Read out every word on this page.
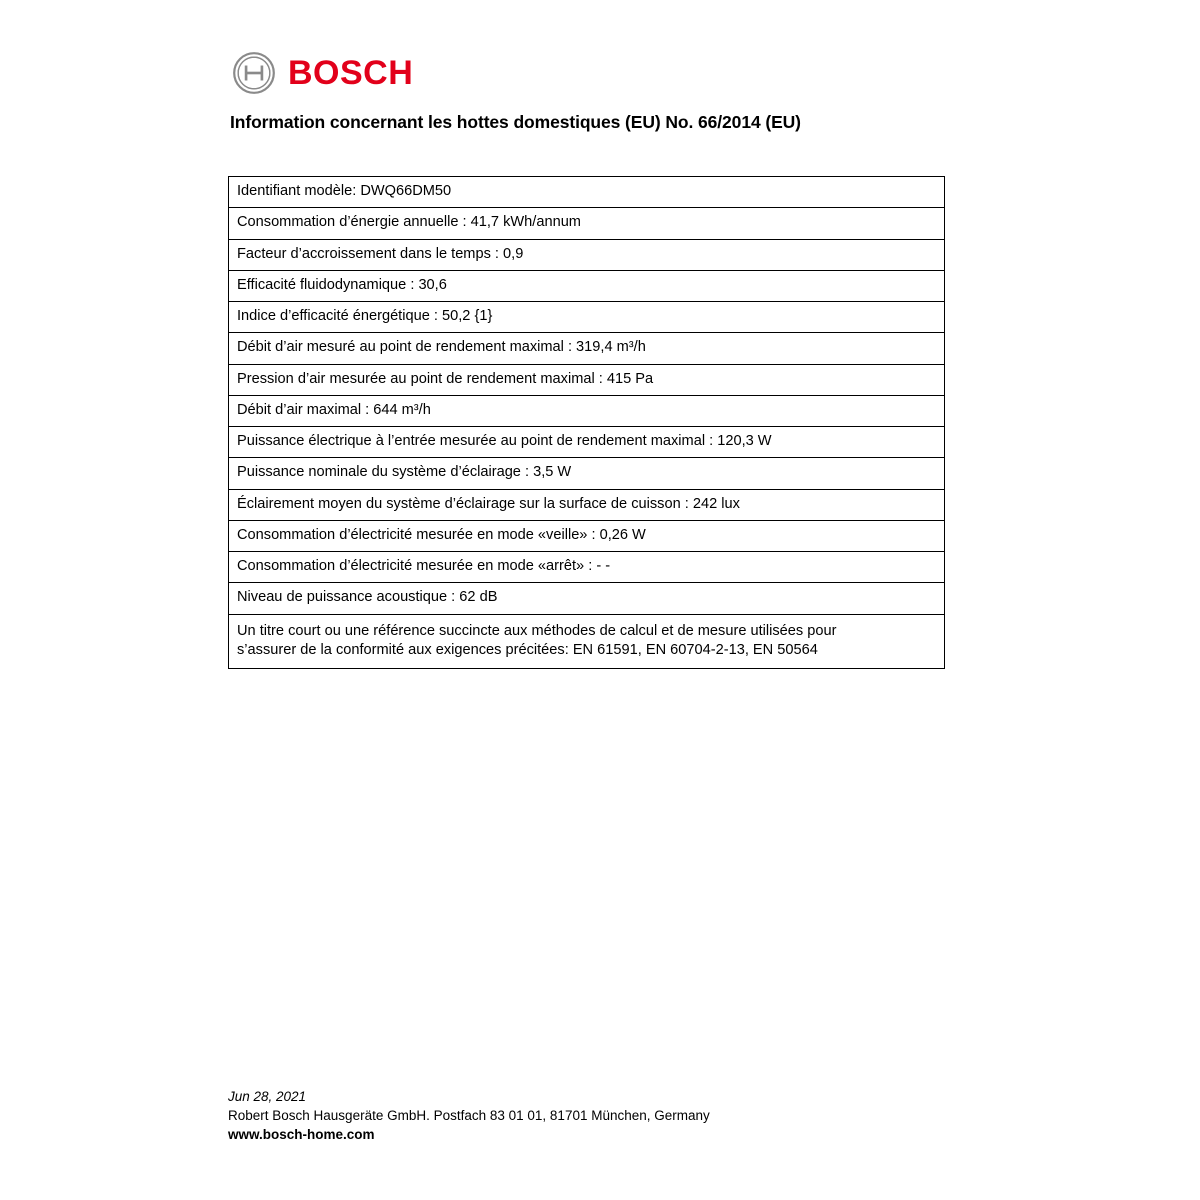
BOSCH
Information concernant les hottes domestiques (EU) No. 66/2014 (EU)
Identifiant modèle: DWQ66DM50
Consommation d’énergie annuelle : 41,7 kWh/annum
Facteur d’accroissement dans le temps : 0,9
Efficacité fluidodynamique : 30,6
Indice d’efficacité énergétique : 50,2 {1}
Débit d’air mesuré au point de rendement maximal : 319,4 m³/h
Pression d’air mesurée au point de rendement maximal : 415 Pa
Débit d’air maximal : 644 m³/h
Puissance électrique à l’entrée mesurée au point de rendement maximal : 120,3 W
Puissance nominale du système d’éclairage : 3,5 W
Éclairement moyen du système d’éclairage sur la surface de cuisson : 242 lux
Consommation d’électricité mesurée en mode «veille» : 0,26 W
Consommation d’électricité mesurée en mode «arrêt» : - -
Niveau de puissance acoustique : 62 dB
Un titre court ou une référence succincte aux méthodes de calcul et de mesure utilisées pour
s’assurer de la conformité aux exigences précitées: EN 61591, EN 60704-2-13, EN 50564
Jun 28, 2021
Robert Bosch Hausgeräte GmbH. Postfach 83 01 01, 81701 München, Germany
www.bosch-home.com
